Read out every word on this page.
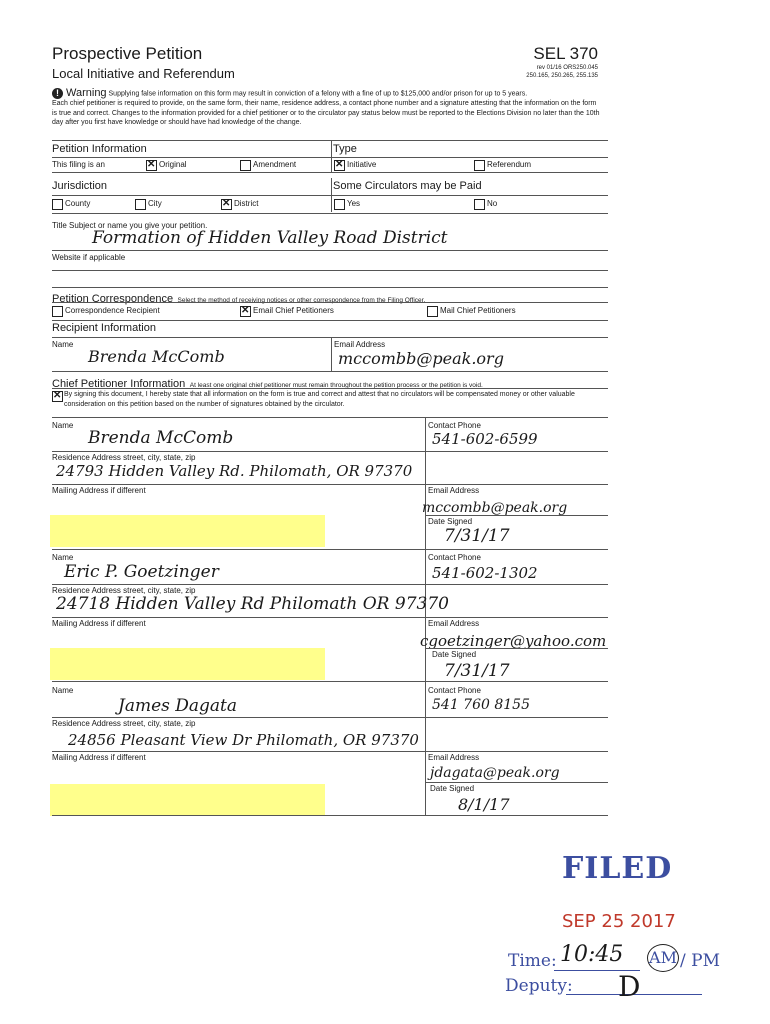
Prospective Petition
Local Initiative and Referendum
SEL 370
rev 01/16 ORS250.045
250.165, 250.265, 255.135
! Warning Supplying false information on this form may result in conviction of a felony with a fine of up to $125,000 and/or prison for up to 5 years.
Each chief petitioner is required to provide, on the same form, their name, residence address, a contact phone number and a signature attesting that the information on the form is true and correct. Changes to the information provided for a chief petitioner or to the circulator pay status below must be reported to the Elections Division no later than the 10th day after you first have knowledge or should have had knowledge of the change.
Petition Information	Type
This filing is an ✕	Original	Amendment ✕	Initiative	Referendum
Jurisdiction	Some Circulators may be Paid
County	City ✕	District	Yes	No
Title Subject or name you give your petition.
Formation of Hidden Valley Road District
Website if applicable
Petition Correspondence Select the method of receiving notices or other correspondence from the Filing Officer.
Correspondence Recipient ✕	Email Chief Petitioners	Mail Chief Petitioners
Recipient Information
Name	Email Address
Brenda McComb	mccombb@peak.org
Chief Petitioner Information At least one original chief petitioner must remain throughout the petition process or the petition is void.
✕
By signing this document, I hereby state that all information on the form is true and correct and attest that no circulators will be compensated money or other valuable consideration on this petition based on the number of signatures obtained by the circulator.
Name	Contact Phone
Brenda McComb	541-602-6599
Residence Address street, city, state, zip
24793 Hidden Valley Rd. Philomath, OR 97370
Mailing Address if different	Email Address
mccombb@peak.org
Date Signed
7/31/17
Name	Contact Phone
Eric P. Goetzinger	541-602-1302
Residence Address street, city, state, zip
24718 Hidden Valley Rd Philomath OR 97370
Mailing Address if different	Email Address
cgoetzinger@yahoo.com
Date Signed
7/31/17
Name	Contact Phone
James Dagata	541 760 8155
Residence Address street, city, state, zip
24856 Pleasant View Dr Philomath, OR 97370
Mailing Address if different	Email Address
jdagata@peak.org
Date Signed
8/1/17
FILED
SEP 25 2017
Time: 10:45 AM / PM
Deputy: D
